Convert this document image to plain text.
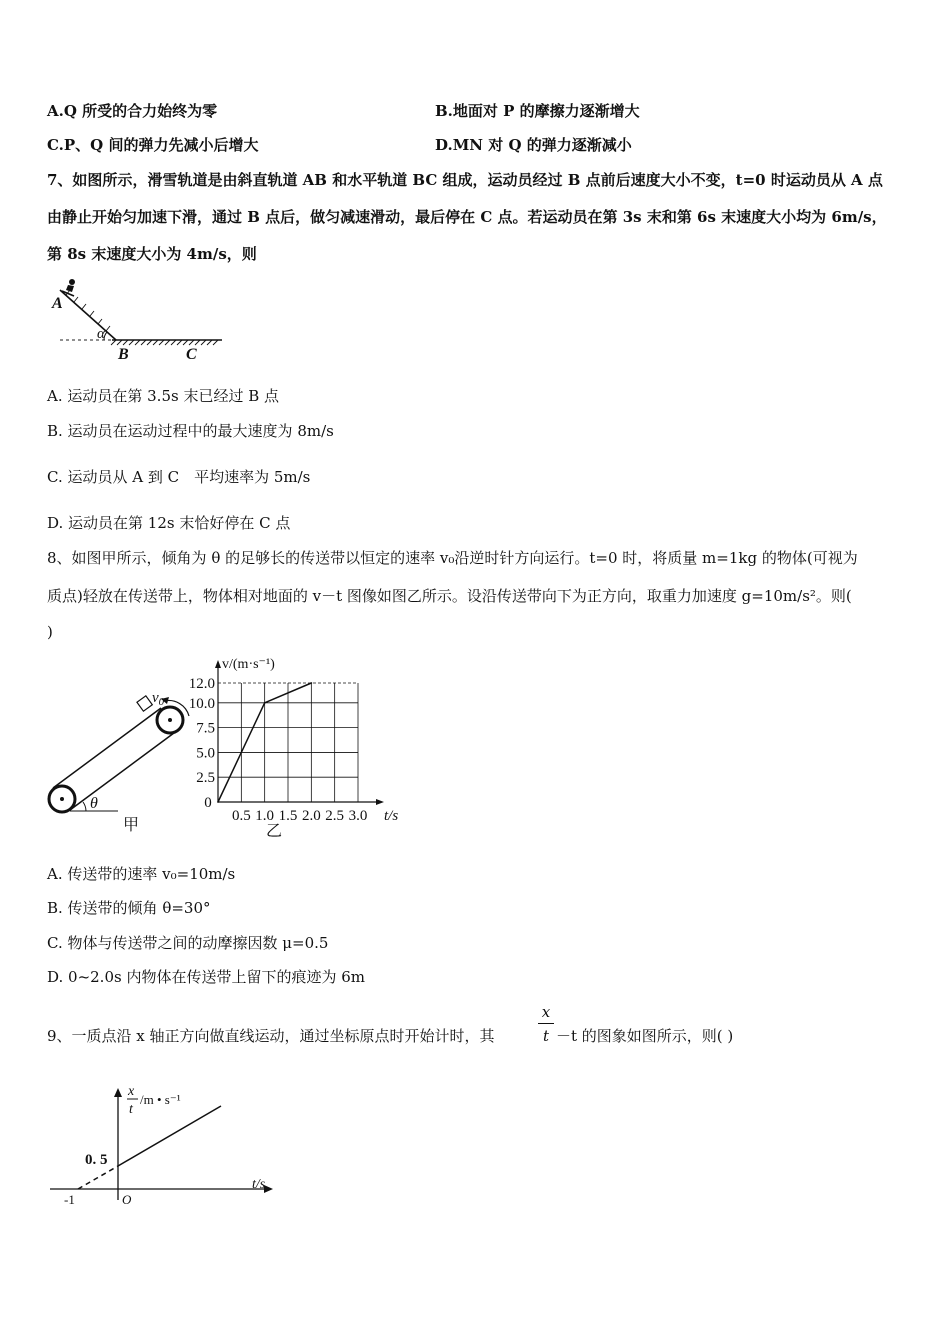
A.Q 所受的合力始终为零	B.地面对 P 的摩擦力逐渐增大
C.P、Q 间的弹力先减小后增大	D.MN 对 Q 的弹力逐渐减小
7、如图所示，滑雪轨道是由斜直轨道 AB 和水平轨道 BC 组成，运动员经过 B 点前后速度大小不变，t=0 时运动员从 A 点
由静止开始匀加速下滑，通过 B 点后，做匀减速滑动，最后停在 C 点。若运动员在第 3s 末和第 6s 末速度大小均为 6m/s，
第 8s 末速度大小为 4m/s，则
A
α
B	C
A. 运动员在第 3.5s 末已经过 B 点
B. 运动员在运动过程中的最大速度为 8m/s
C. 运动员从 A 到 C　平均速率为 5m/s
D. 运动员在第 12s 末恰好停在 C 点
8、如图甲所示，倾角为 θ 的足够长的传送带以恒定的速率 v₀沿逆时针方向运行。t=0 时，将质量 m=1kg 的物体(可视为
质点)轻放在传送带上，物体相对地面的 v－t 图像如图乙所示。设沿传送带向下为正方向，取重力加速度 g=10m/s²。则(
)
$v_0$
θ
甲
2.5
5.0
7.5
10.0
12.0
0.5 1.0 1.5 2.0 2.5 3.0
0
v/(m·s⁻¹)
t/s
乙
A. 传送带的速率 v₀=10m/s
B. 传送带的倾角 θ=30°
C. 物体与传送带之间的动摩擦因数 μ=0.5
D. 0~2.0s 内物体在传送带上留下的痕迹为 6m
9、一质点沿 x 轴正方向做直线运动，通过坐标原点时开始计时，其
x
t －t 的图象如图所示，则( )
x
t
/m • s⁻¹
0. 5
t/s
-1	O
